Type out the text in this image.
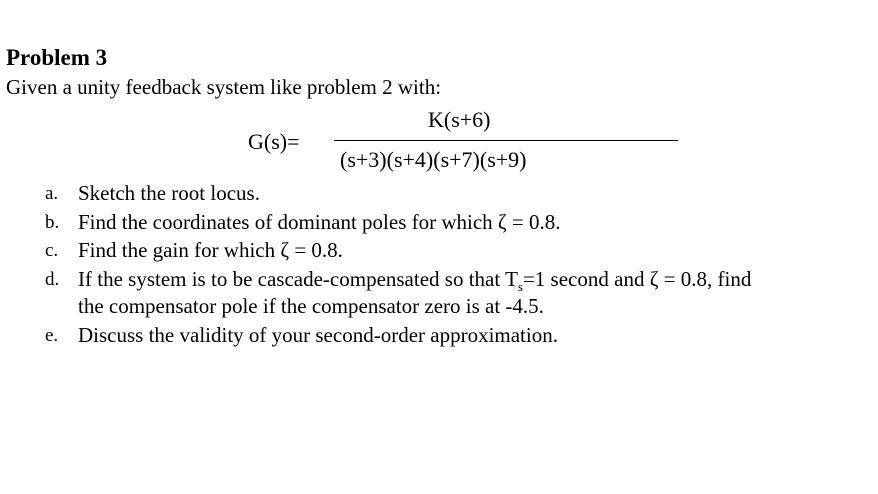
Problem 3
Given a unity feedback system like problem 2 with:
G(s)=
K(s+6)
(s+3)(s+4)(s+7)(s+9)
a. Sketch the root locus.
b. Find the coordinates of dominant poles for which ζ = 0.8.
c. Find the gain for which ζ = 0.8.
d. If the system is to be cascade-compensated so that $T_s=1$ second and ζ = 0.8, find
the compensator pole if the compensator zero is at -4.5.
e. Discuss the validity of your second-order approximation.
